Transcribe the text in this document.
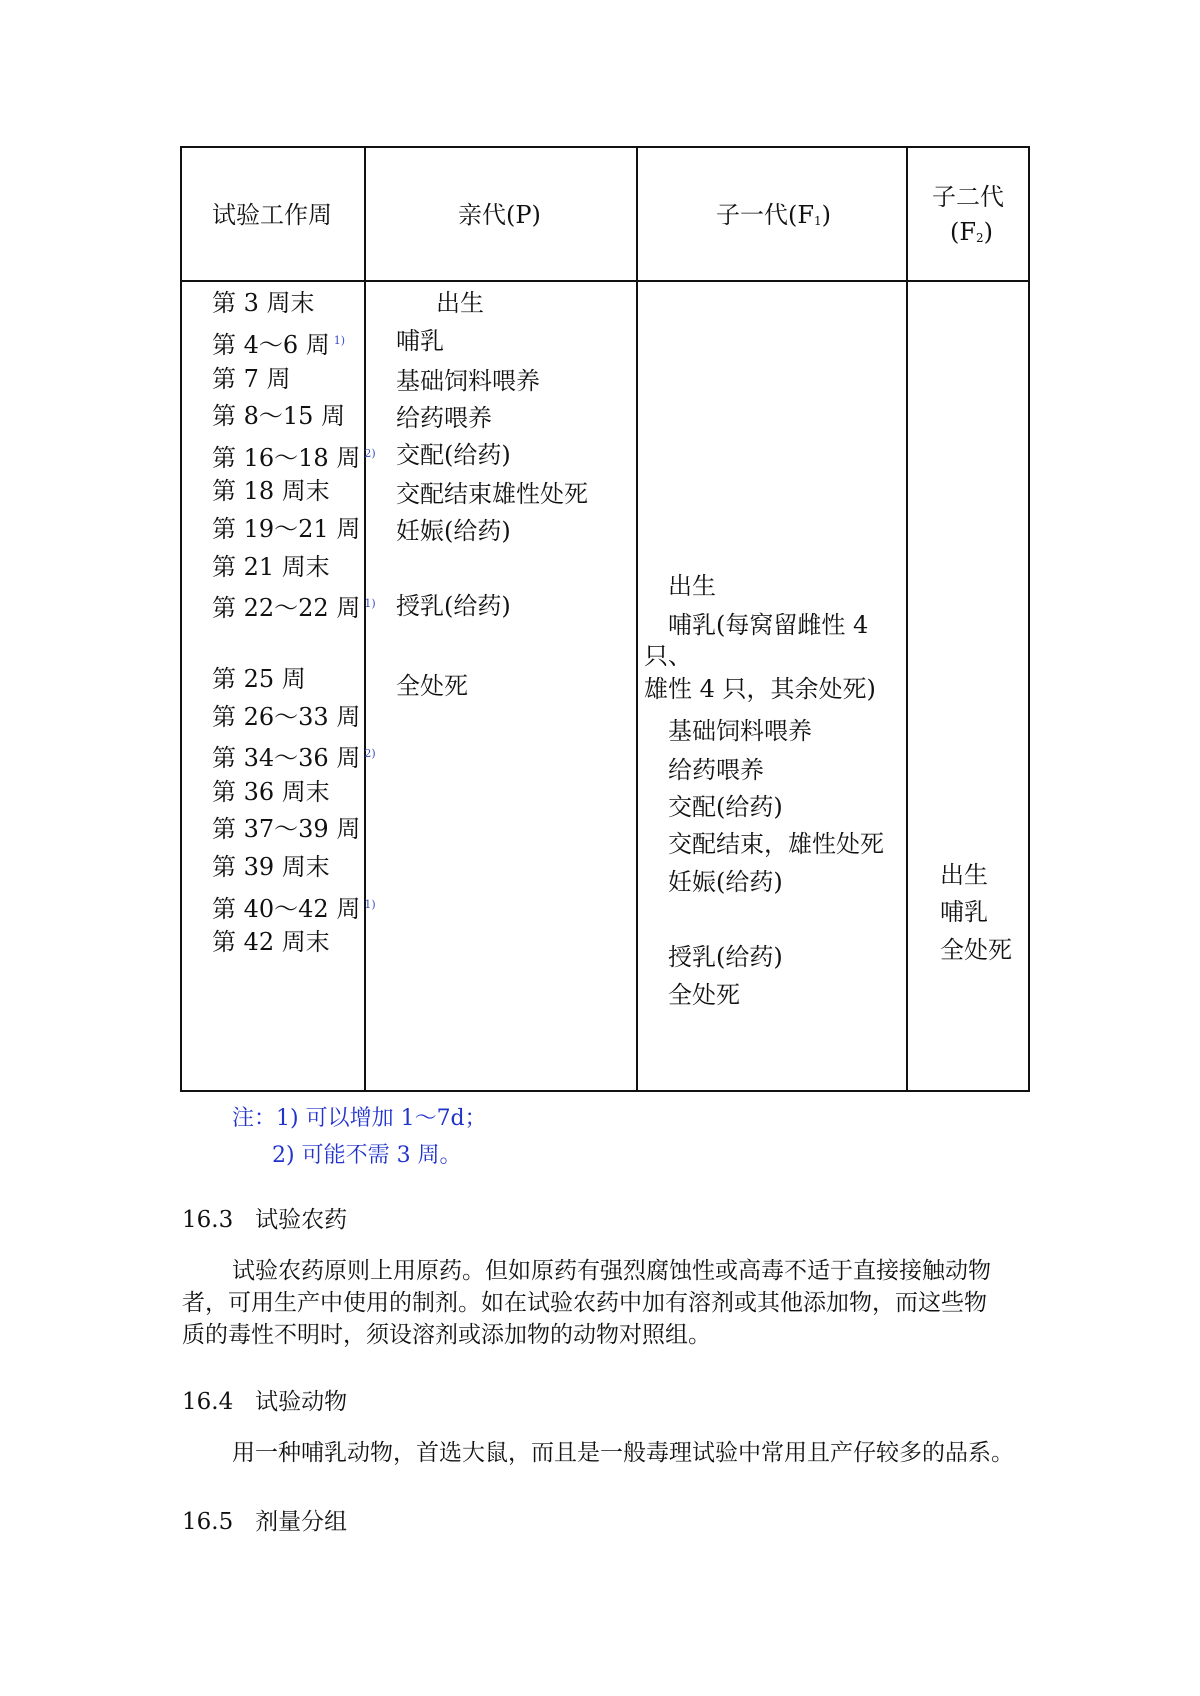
试验工作周	亲代(P)	子一代$(F_1)$
子二代
$(F_2)$
第 3 周末
第 4～6 周 $^{1)}$
第 7 周
第 8～15 周
第 16～18 周 $^{2)}$
第 18 周末
第 19～21 周
第 21 周末
第 22～22 周 $^{1)}$
第 25 周
第 26～33 周
第 34～36 周 $^{2)}$
第 36 周末
第 37～39 周
第 39 周末
第 40～42 周 $^{1)}$
第 42 周末
出生
哺乳
基础饲料喂养
给药喂养
交配(给药)
交配结束雄性处死
妊娠(给药)
授乳(给药)
全处死
出生
哺乳(每窝留雌性 4
只、
雄性 4 只，其余处死)
基础饲料喂养
给药喂养
交配(给药)
交配结束，雄性处死
妊娠(给药)
授乳(给药)
全处死
出生
哺乳
全处死
注：1) 可以增加 1～7d；
2) 可能不需 3 周。
16.3 试验农药
试验农药原则上用原药。但如原药有强烈腐蚀性或高毒不适于直接接触动物
者，可用生产中使用的制剂。如在试验农药中加有溶剂或其他添加物，而这些物
质的毒性不明时，须设溶剂或添加物的动物对照组。
16.4 试验动物
用一种哺乳动物，首选大鼠，而且是一般毒理试验中常用且产仔较多的品系。
16.5 剂量分组
